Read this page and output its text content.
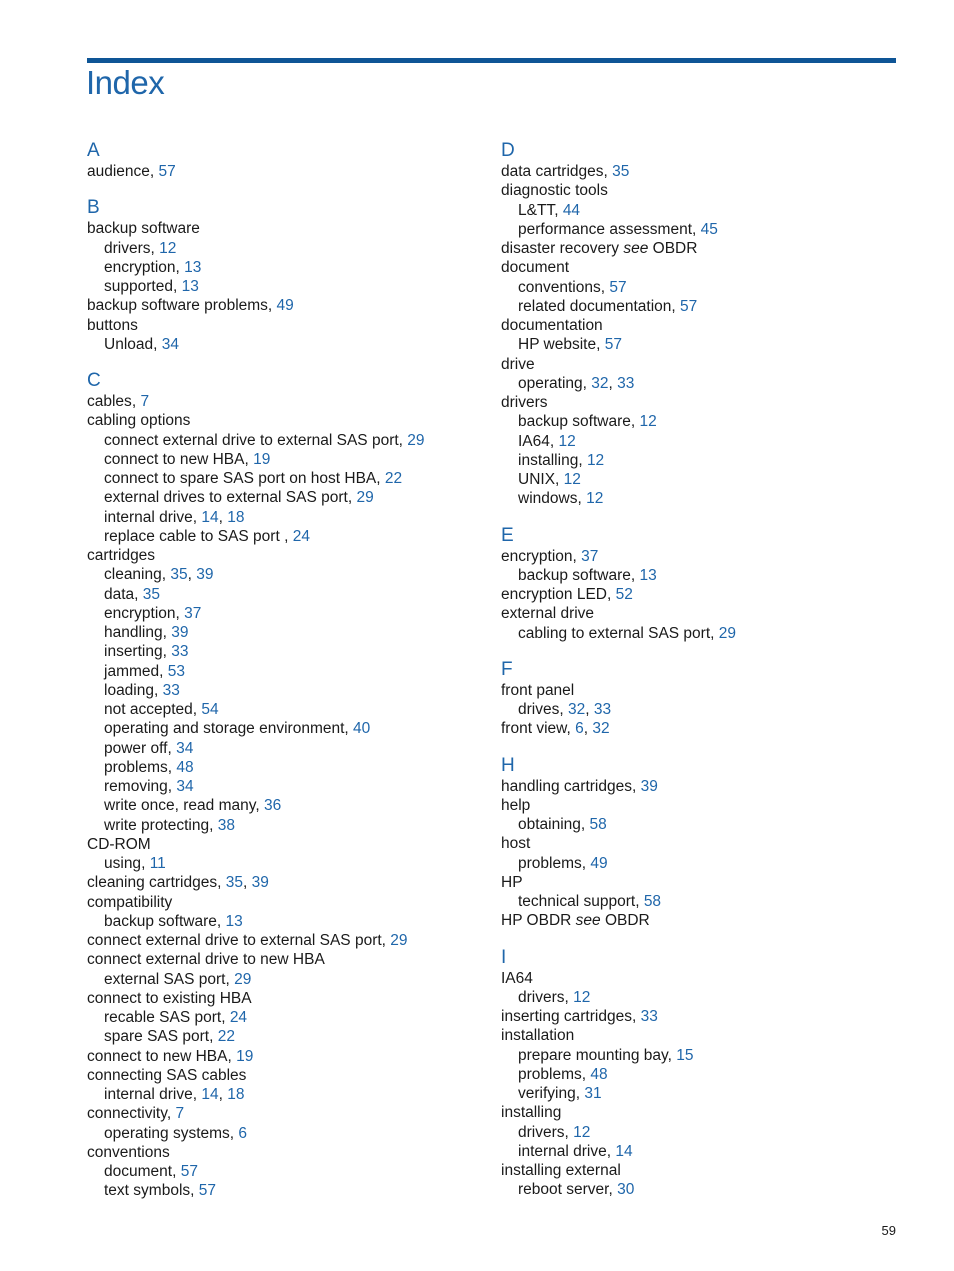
Index
A
audience, 57
B
backup software
drivers, 12
encryption, 13
supported, 13
backup software problems, 49
buttons
Unload, 34
C
cables, 7
cabling options
connect external drive to external SAS port, 29
connect to new HBA, 19
connect to spare SAS port on host HBA, 22
external drives to external SAS port, 29
internal drive, 14, 18
replace cable to SAS port , 24
cartridges
cleaning, 35, 39
data, 35
encryption, 37
handling, 39
inserting, 33
jammed, 53
loading, 33
not accepted, 54
operating and storage environment, 40
power off, 34
problems, 48
removing, 34
write once, read many, 36
write protecting, 38
CD-ROM
using, 11
cleaning cartridges, 35, 39
compatibility
backup software, 13
connect external drive to external SAS port, 29
connect external drive to new HBA
external SAS port, 29
connect to existing HBA
recable SAS port, 24
spare SAS port, 22
connect to new HBA, 19
connecting SAS cables
internal drive, 14, 18
connectivity, 7
operating systems, 6
conventions
document, 57
text symbols, 57
D
data cartridges, 35
diagnostic tools
L&TT, 44
performance assessment, 45
disaster recovery see OBDR
document
conventions, 57
related documentation, 57
documentation
HP website, 57
drive
operating, 32, 33
drivers
backup software, 12
IA64, 12
installing, 12
UNIX, 12
windows, 12
E
encryption, 37
backup software, 13
encryption LED, 52
external drive
cabling to external SAS port, 29
F
front panel
drives, 32, 33
front view, 6, 32
H
handling cartridges, 39
help
obtaining, 58
host
problems, 49
HP
technical support, 58
HP OBDR see OBDR
I
IA64
drivers, 12
inserting cartridges, 33
installation
prepare mounting bay, 15
problems, 48
verifying, 31
installing
drivers, 12
internal drive, 14
installing external
reboot server, 30
59
